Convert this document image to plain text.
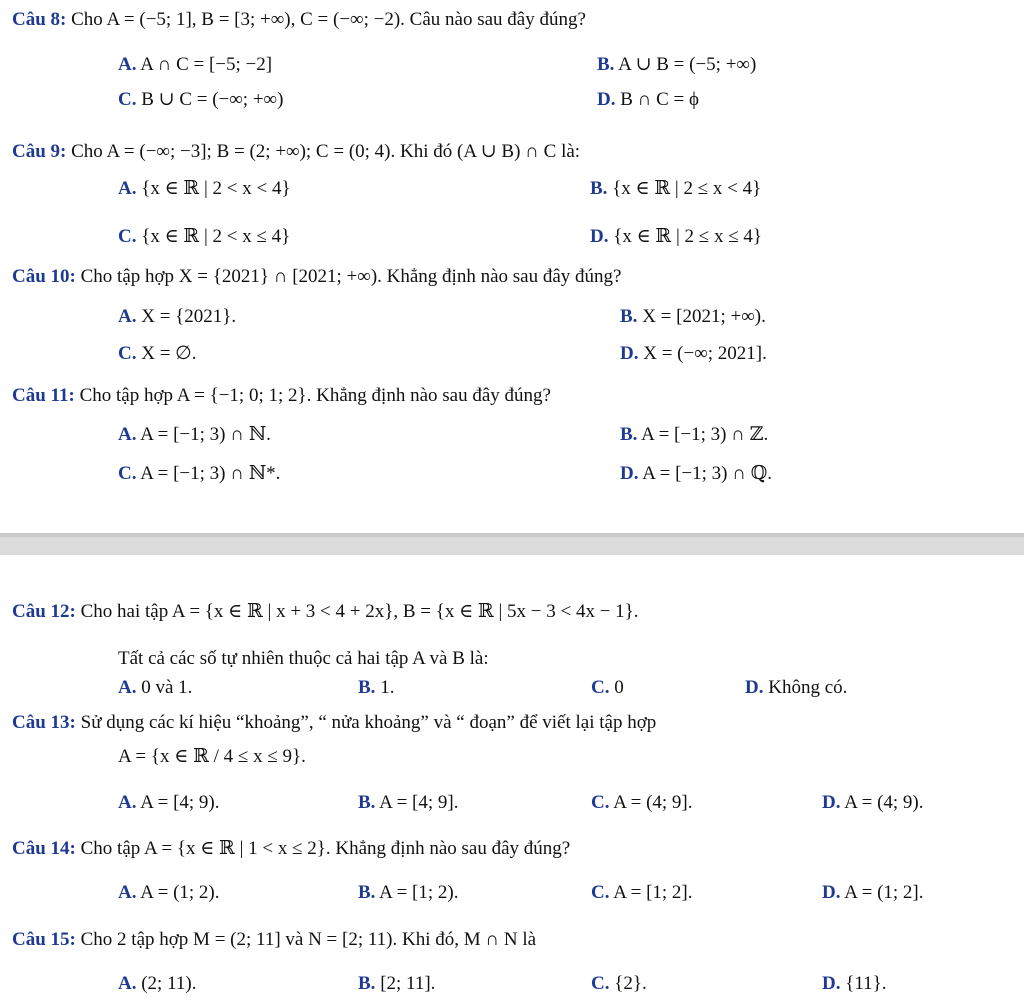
Câu 8: Cho A = (−5; 1], B = [3; +∞), C = (−∞; −2). Câu nào sau đây đúng?
A. A ∩ C = [−5; −2]	B. A ∪ B = (−5; +∞)
C. B ∪ C = (−∞; +∞)	D. B ∩ C = ϕ
Câu 9: Cho A = (−∞; −3]; B = (2; +∞); C = (0; 4). Khi đó (A ∪ B) ∩ C là:
A. {x ∈ ℝ | 2 < x < 4}	B. {x ∈ ℝ | 2 ≤ x < 4}
C. {x ∈ ℝ | 2 < x ≤ 4}	D. {x ∈ ℝ | 2 ≤ x ≤ 4}
Câu 10: Cho tập hợp X = {2021} ∩ [2021; +∞). Khẳng định nào sau đây đúng?
A. X = {2021}.	B. X = [2021; +∞).
C. X = ∅.	D. X = (−∞; 2021].
Câu 11: Cho tập hợp A = {−1; 0; 1; 2}. Khẳng định nào sau đây đúng?
A. A = [−1; 3) ∩ ℕ.	B. A = [−1; 3) ∩ ℤ.
C. A = [−1; 3) ∩ ℕ*.	D. A = [−1; 3) ∩ ℚ.
Câu 12: Cho hai tập A = {x ∈ ℝ | x + 3 < 4 + 2x}, B = {x ∈ ℝ | 5x − 3 < 4x − 1}.
Tất cả các số tự nhiên thuộc cả hai tập A và B là:
A. 0 và 1.	B. 1.	C. 0	D. Không có.
Câu 13: Sử dụng các kí hiệu “khoảng”, “ nửa khoảng” và “ đoạn” để viết lại tập hợp
A = {x ∈ ℝ / 4 ≤ x ≤ 9}.
A. A = [4; 9).	B. A = [4; 9].	C. A = (4; 9].	D. A = (4; 9).
Câu 14: Cho tập A = {x ∈ ℝ | 1 < x ≤ 2}. Khẳng định nào sau đây đúng?
A. A = (1; 2).	B. A = [1; 2).	C. A = [1; 2].	D. A = (1; 2].
Câu 15: Cho 2 tập hợp M = (2; 11] và N = [2; 11). Khi đó, M ∩ N là
A. (2; 11).	B. [2; 11].	C. {2}.	D. {11}.
